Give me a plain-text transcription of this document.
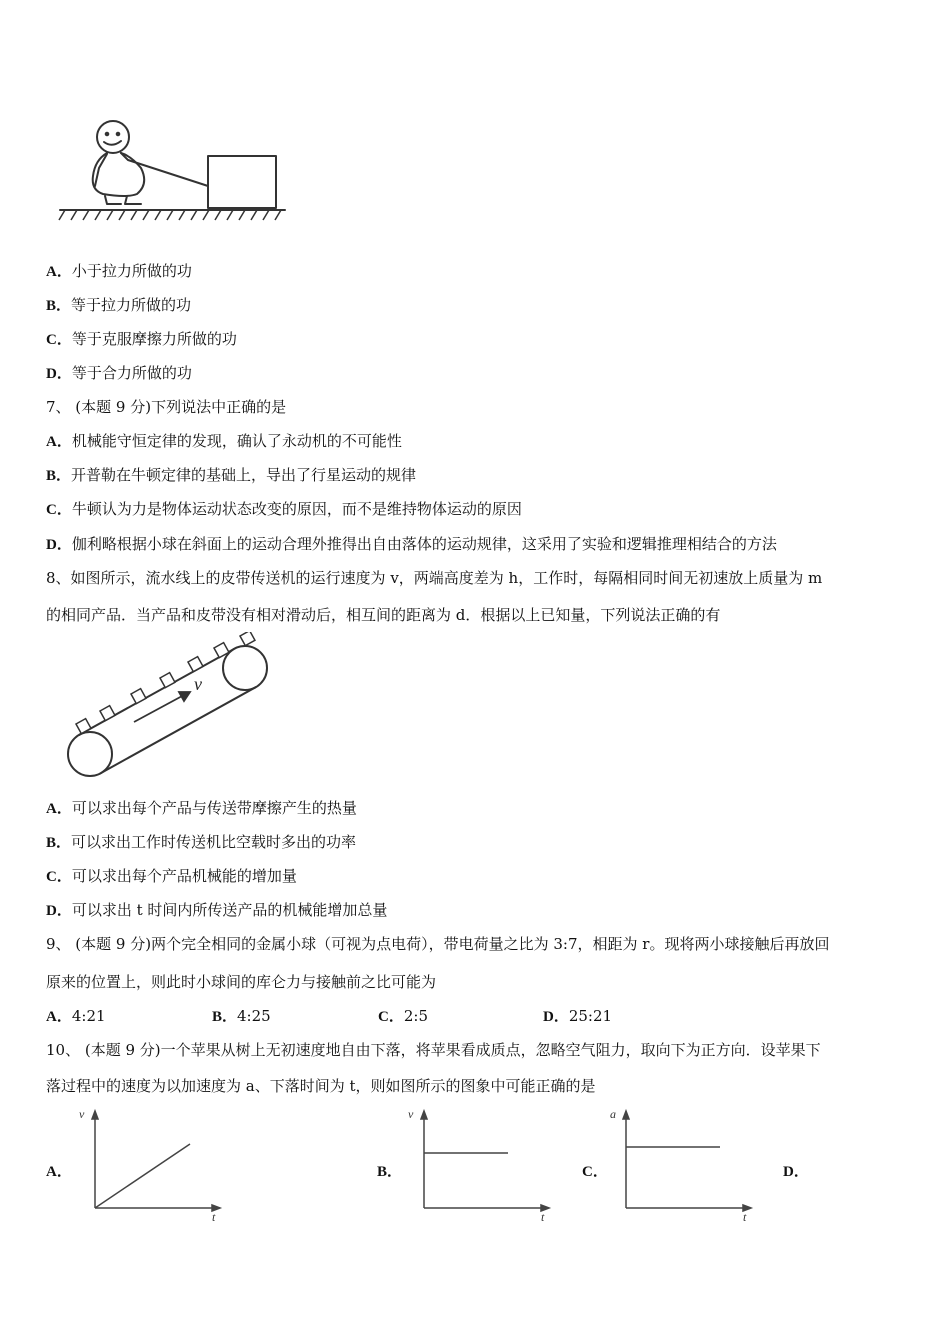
A．小于拉力所做的功
B．等于拉力所做的功
C．等于克服摩擦力所做的功
D．等于合力所做的功
7、 (本题 9 分)下列说法中正确的是
A．机械能守恒定律的发现，确认了永动机的不可能性
B．开普勒在牛顿定律的基础上，导出了行星运动的规律
C．牛顿认为力是物体运动状态改变的原因，而不是维持物体运动的原因
D．伽利略根据小球在斜面上的运动合理外推得出自由落体的运动规律，这采用了实验和逻辑推理相结合的方法
8、如图所示，流水线上的皮带传送机的运行速度为 v，两端高度差为 h，工作时，每隔相同时间无初速放上质量为 m
的相同产品．当产品和皮带没有相对滑动后，相互间的距离为 d．根据以上已知量，下列说法正确的有
v
A．可以求出每个产品与传送带摩擦产生的热量
B．可以求出工作时传送机比空载时多出的功率
C．可以求出每个产品机械能的增加量
D．可以求出 t 时间内所传送产品的机械能增加总量
9、 (本题 9 分)两个完全相同的金属小球（可视为点电荷），带电荷量之比为 3:7，相距为 r。现将两小球接触后再放回
原来的位置上，则此时小球间的库仑力与接触前之比可能为
A．4:21	B．4:25	C．2:5	D．25:21
10、 (本题 9 分)一个苹果从树上无初速度地自由下落，将苹果看成质点，忽略空气阻力，取向下为正方向．设苹果下
落过程中的速度为以加速度为 a、下落时间为 t，则如图所示的图象中可能正确的是
A．
v
t
B．
v
t
C．
a
t
D．
